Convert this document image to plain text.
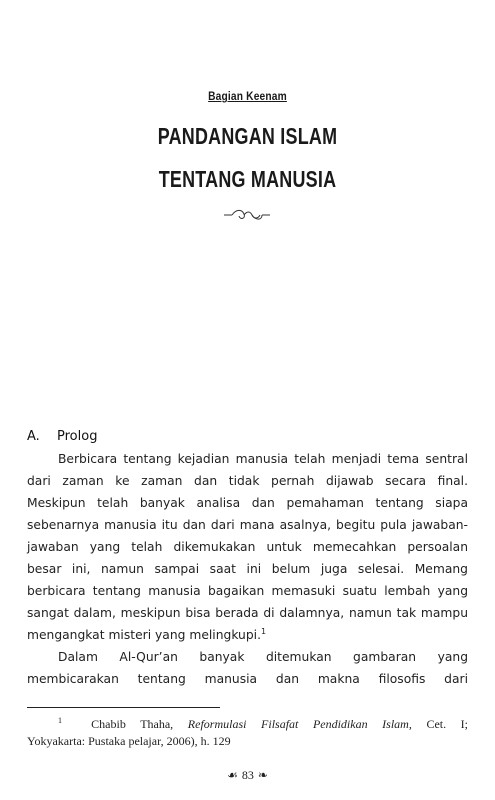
Bagian Keenam
PANDANGAN ISLAM
TENTANG MANUSIA
A. Prolog
Berbicara tentang kejadian manusia telah menjadi tema sentral
dari zaman ke zaman dan tidak pernah dijawab secara final.
Meskipun telah banyak analisa dan pemahaman tentang siapa
sebenarnya manusia itu dan dari mana asalnya, begitu pula jawaban-
jawaban yang telah dikemukakan untuk memecahkan persoalan
besar ini, namun sampai saat ini belum juga selesai. Memang
berbicara tentang manusia bagaikan memasuki suatu lembah yang
sangat dalam, meskipun bisa berada di dalamnya, namun tak mampu
mengangkat misteri yang melingkupi.$^1$
Dalam Al-Qur’an banyak ditemukan gambaran yang
membicarakan tentang manusia dan makna filosofis dari
$^1$ Chabib Thaha, Reformulasi Filsafat Pendidikan Islam, Cet. I;
Yokyakarta: Pustaka pelajar, 2006), h. 129
☙ 83 ❧
